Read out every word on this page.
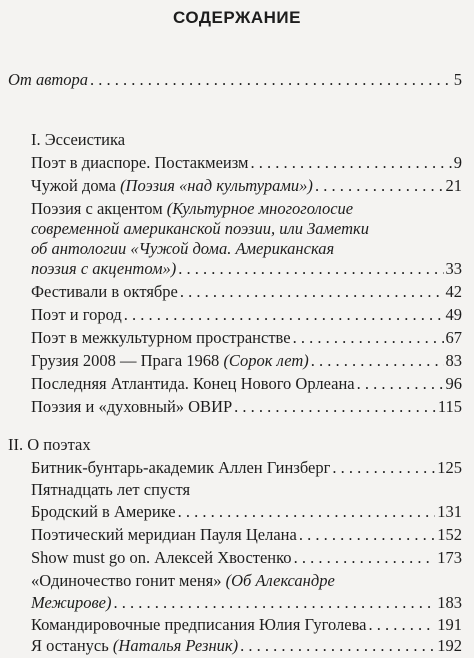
СОДЕРЖАНИЕ
От автора . . .	5
I. Эссеистика
Поэт в диаспоре. Постакмеизм . . .	9
Чужой дома (Поэзия «над культурами») . . .	21
Поэзия с акцентом (Культурное многоголосие
современной американской поэзии, или Заметки
об антологии «Чужой дома. Американская
поэзия с акцентом») . . .	33
Фестивали в октябре . . .	42
Поэт и город . . .	49
Поэт в межкультурном пространстве . . .	67
Грузия 2008 — Прага 1968 (Сорок лет) . . .	83
Последняя Атлантида. Конец Нового Орлеана . . .	96
Поэзия и «духовный» ОВИР . . .	115
II. О поэтах
Битник-бунтарь-академик Аллен Гинзберг . . .	125
Пятнадцать лет спустя
Бродский в Америке . . .	131
Поэтический меридиан Пауля Целана . . .	152
Show must go on. Алексей Хвостенко . . .	173
«Одиночество гонит меня» (Об Александре
Межирове) . . .	183
Командировочные предписания Юлия Гуголева . . .	191
Я останусь (Наталья Резник) . . .	192
